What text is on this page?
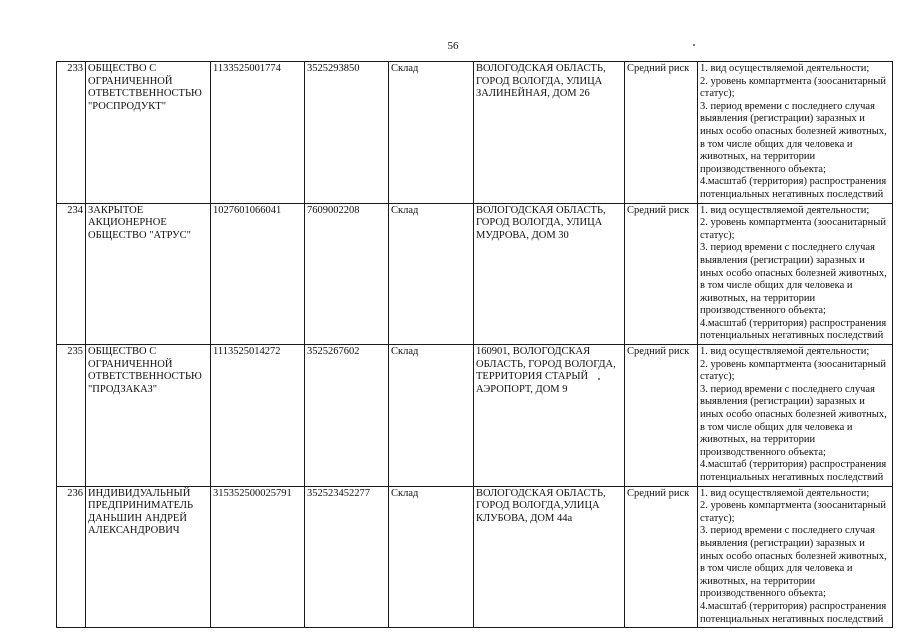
56
233	ОБЩЕСТВО С ОГРАНИЧЕННОЙ ОТВЕТСТВЕННОСТЬЮ "РОСПРОДУКТ"	1133525001774	3525293850	Склад	ВОЛОГОДСКАЯ ОБЛАСТЬ, ГОРОД ВОЛОГДА, УЛИЦА ЗАЛИНЕЙНАЯ, ДОМ 26	Средний риск	1. вид осуществляемой деятельности;
2. уровень компартмента (зоосанитарный статус);
3. период времени с последнего случая выявления (регистрации) заразных и иных особо опасных болезней животных, в том числе общих для человека и животных, на территории производственного объекта;
4.масштаб (территория) распространения потенциальных негативных последствий

234	ЗАКРЫТОЕ АКЦИОНЕРНОЕ ОБЩЕСТВО "АТРУС"	1027601066041	7609002208	Склад	ВОЛОГОДСКАЯ ОБЛАСТЬ, ГОРОД ВОЛОГДА, УЛИЦА МУДРОВА, ДОМ 30	Средний риск	1. вид осуществляемой деятельности;
2. уровень компартмента (зоосанитарный статус);
3. период времени с последнего случая выявления (регистрации) заразных и иных особо опасных болезней животных, в том числе общих для человека и животных, на территории производственного объекта;
4.масштаб (территория) распространения потенциальных негативных последствий

235	ОБЩЕСТВО С ОГРАНИЧЕННОЙ ОТВЕТСТВЕННОСТЬЮ "ПРОДЗАКАЗ"	1113525014272	3525267602	Склад	160901, ВОЛОГОДСКАЯ ОБЛАСТЬ, ГОРОД ВОЛОГДА, ТЕРРИТОРИЯ СТАРЫЙ АЭРОПОРТ, ДОМ 9	Средний риск	1. вид осуществляемой деятельности;
2. уровень компартмента (зоосанитарный статус);
3. период времени с последнего случая выявления (регистрации) заразных и иных особо опасных болезней животных, в том числе общих для человека и животных, на территории производственного объекта;
4.масштаб (территория) распространения потенциальных негативных последствий

236	ИНДИВИДУАЛЬНЫЙ ПРЕДПРИНИМАТЕЛЬ ДАНЬШИН АНДРЕЙ АЛЕКСАНДРОВИЧ	315352500025791	352523452277	Склад	ВОЛОГОДСКАЯ ОБЛАСТЬ, ГОРОД ВОЛОГДА,УЛИЦА КЛУБОВА, ДОМ 44а	Средний риск	1. вид осуществляемой деятельности;
2. уровень компартмента (зоосанитарный статус);
3. период времени с последнего случая выявления (регистрации) заразных и иных особо опасных болезней животных, в том числе общих для человека и животных, на территории производственного объекта;
4.масштаб (территория) распространения потенциальных негативных последствий
